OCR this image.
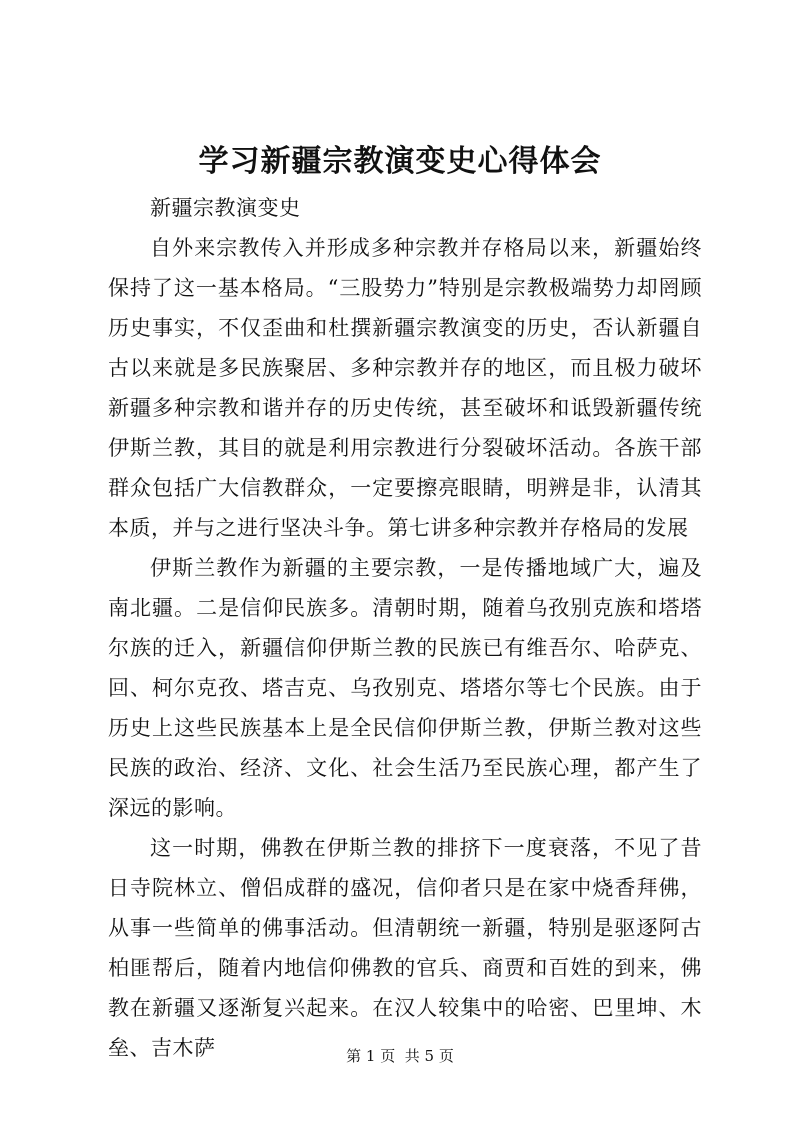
学习新疆宗教演变史心得体会

新疆宗教演变史

自外来宗教传入并形成多种宗教并存格局以来，新疆始终保持了这一基本格局。“三股势力”特别是宗教极端势力却罔顾历史事实，不仅歪曲和杜撰新疆宗教演变的历史，否认新疆自古以来就是多民族聚居、多种宗教并存的地区，而且极力破坏新疆多种宗教和谐并存的历史传统，甚至破坏和诋毁新疆传统伊斯兰教，其目的就是利用宗教进行分裂破坏活动。各族干部群众包括广大信教群众，一定要擦亮眼睛，明辨是非，认清其本质，并与之进行坚决斗争。第七讲多种宗教并存格局的发展

伊斯兰教作为新疆的主要宗教，一是传播地域广大，遍及南北疆。二是信仰民族多。清朝时期，随着乌孜别克族和塔塔尔族的迁入，新疆信仰伊斯兰教的民族已有维吾尔、哈萨克、回、柯尔克孜、塔吉克、乌孜别克、塔塔尔等七个民族。由于历史上这些民族基本上是全民信仰伊斯兰教，伊斯兰教对这些民族的政治、经济、文化、社会生活乃至民族心理，都产生了深远的影响。

这一时期，佛教在伊斯兰教的排挤下一度衰落，不见了昔日寺院林立、僧侣成群的盛况，信仰者只是在家中烧香拜佛，从事一些简单的佛事活动。但清朝统一新疆，特别是驱逐阿古柏匪帮后，随着内地信仰佛教的官兵、商贾和百姓的到来，佛教在新疆又逐渐复兴起来。在汉人较集中的哈密、巴里坤、木垒、吉木萨	第 1 页  共 5 页
